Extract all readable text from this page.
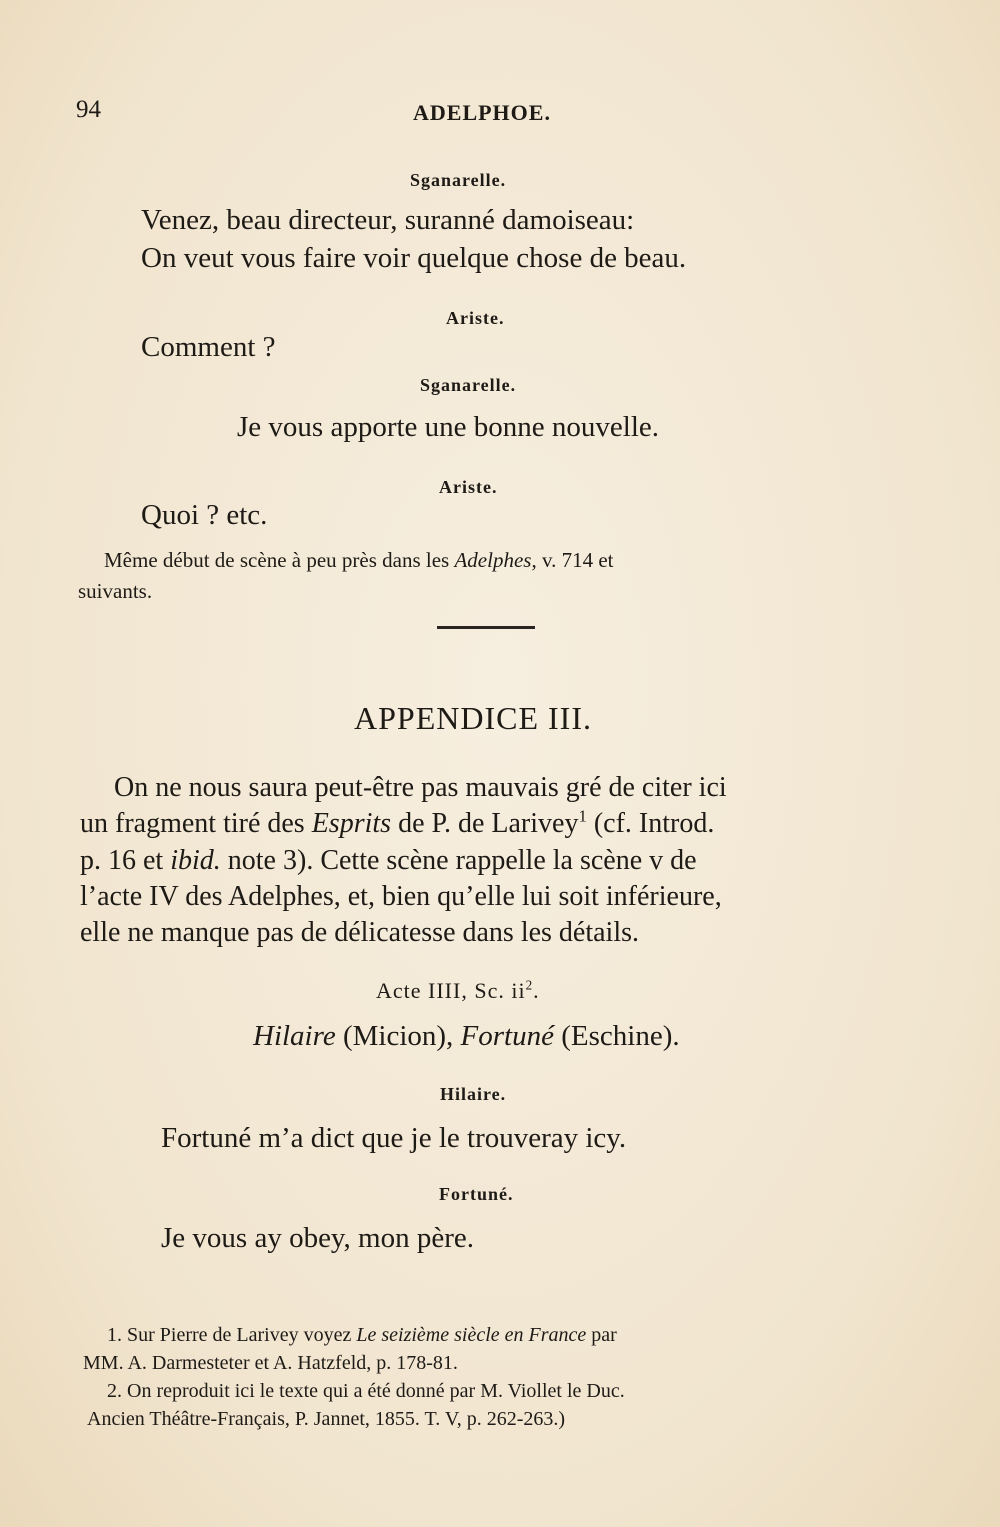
94	ADELPHOE.
Sganarelle.
Venez, beau directeur, suranné damoiseau:
On veut vous faire voir quelque chose de beau.
Ariste.
Comment ?
Sganarelle.
Je vous apporte une bonne nouvelle.
Ariste.
Quoi ? etc.
Même début de scène à peu près dans les Adelphes, v. 714 et
suivants.
APPENDICE III.
On ne nous saura peut-être pas mauvais gré de citer ici
un fragment tiré des Esprits de P. de Larivey$^1$ (cf. Introd.
p. 16 et ibid. note 3). Cette scène rappelle la scène v de
l’acte IV des Adelphes, et, bien qu’elle lui soit inférieure,
elle ne manque pas de délicatesse dans les détails.
Acte IIII, Sc. $ii^2$.
Hilaire (Micion), Fortuné (Eschine).
Hilaire.
Fortuné m’a dict que je le trouveray icy.
Fortuné.
Je vous ay obey, mon père.
1. Sur Pierre de Larivey voyez Le seizième siècle en France par
MM. A. Darmesteter et A. Hatzfeld, p. 178-81.
2. On reproduit ici le texte qui a été donné par M. Viollet le Duc.
Ancien Théâtre-Français, P. Jannet, 1855. T. V, p. 262-263.)
